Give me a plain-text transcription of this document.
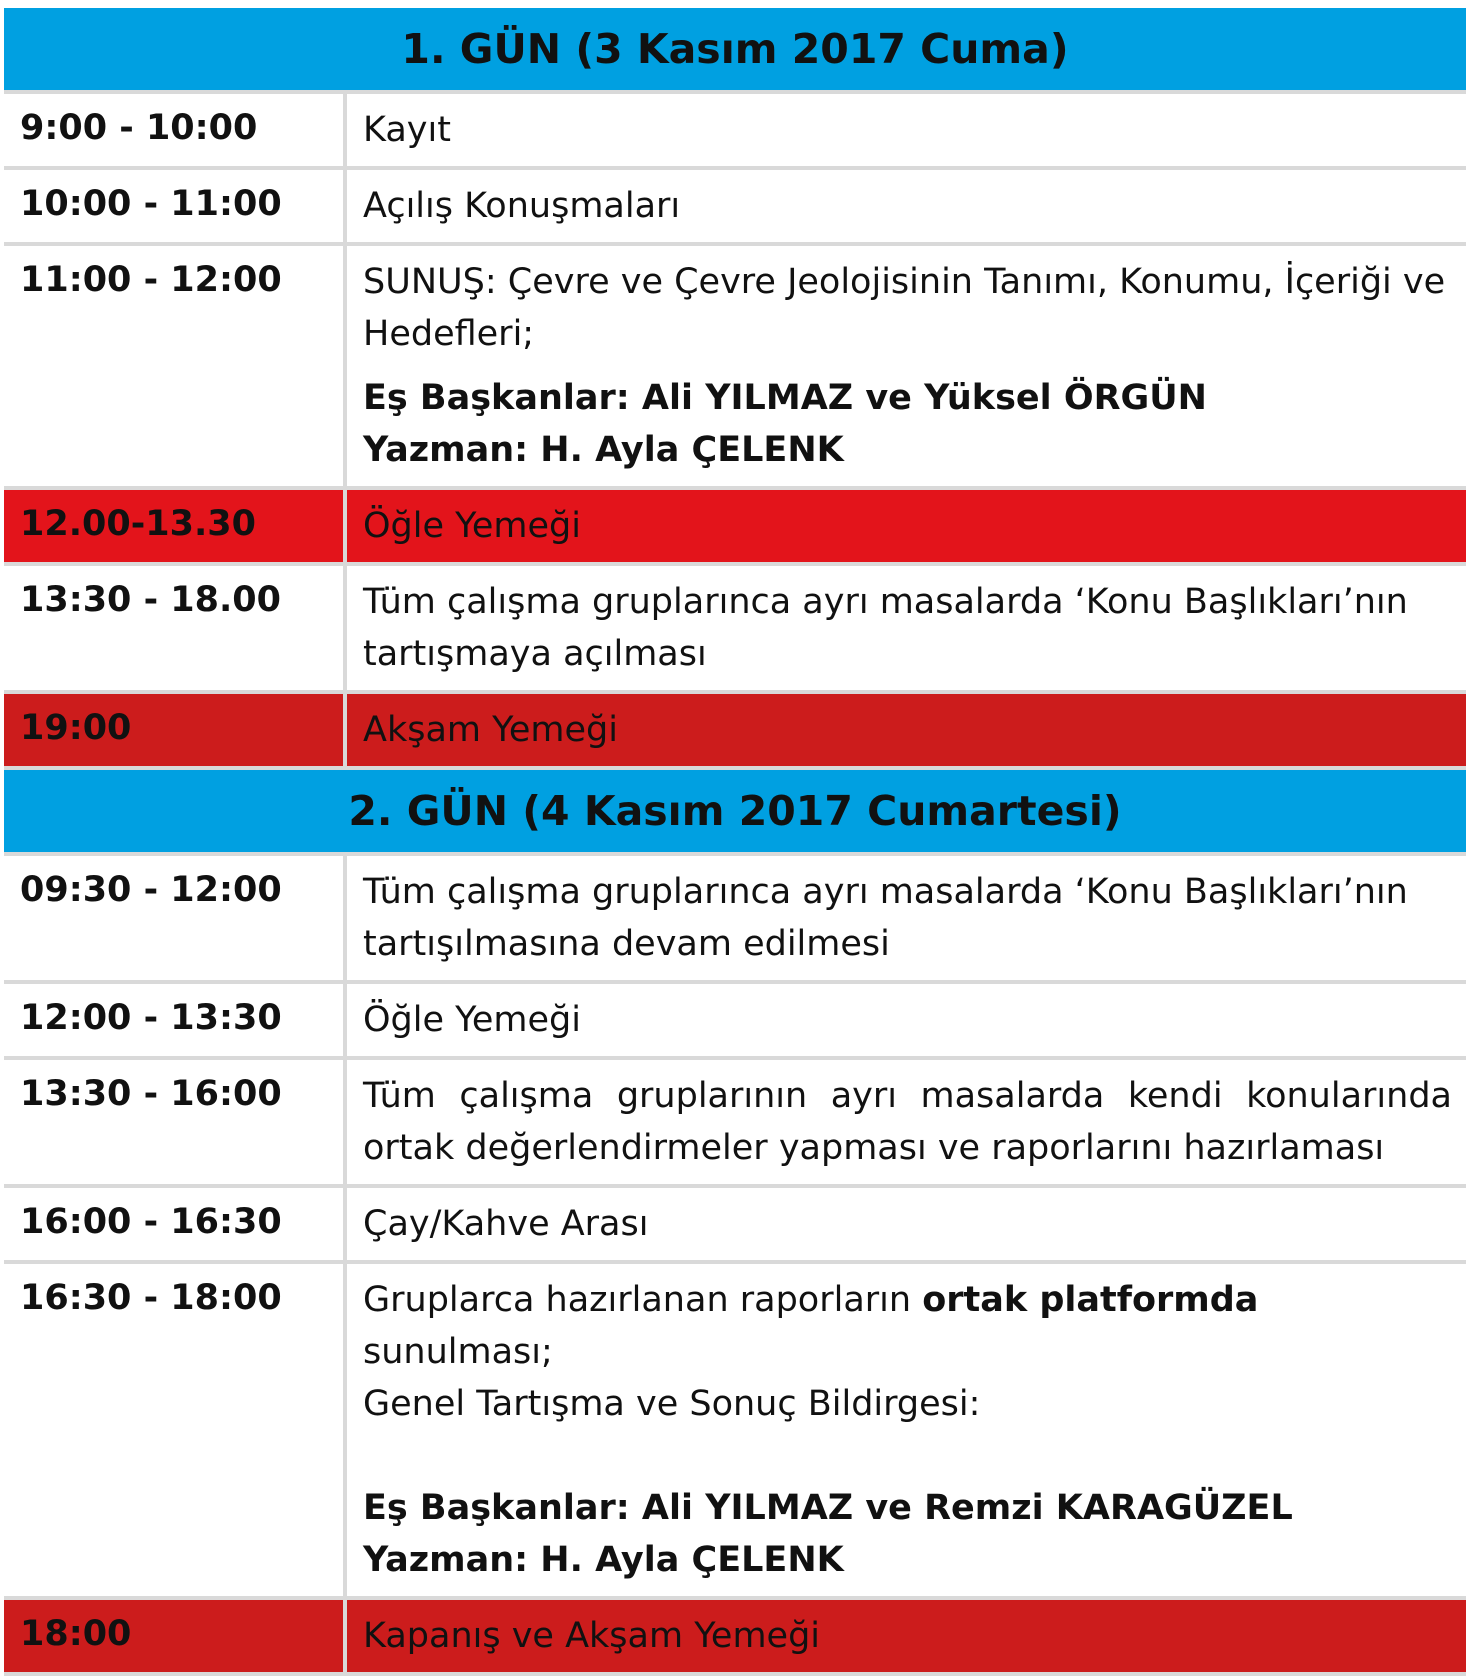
1. GÜN (3 Kasım 2017 Cuma)
9:00 - 10:00	Kayıt
10:00 - 11:00	Açılış Konuşmaları
11:00 - 12:00	SUNUŞ: Çevre ve Çevre Jeolojisinin Tanımı, Konumu, İçeriği ve Hedefleri;
Eş Başkanlar: Ali YILMAZ ve Yüksel ÖRGÜN
Yazman: H. Ayla ÇELENK
12.00-13.30	Öğle Yemeği
13:30 - 18.00	Tüm çalışma gruplarınca ayrı masalarda ‘Konu Başlıkları’nın tartışmaya açılması
19:00	Akşam Yemeği
2. GÜN (4 Kasım 2017 Cumartesi)
09:30 - 12:00	Tüm çalışma gruplarınca ayrı masalarda ‘Konu Başlıkları’nın tartışılmasına devam edilmesi
12:00 - 13:30	Öğle Yemeği
13:30 - 16:00	Tüm çalışma gruplarının ayrı masalarda kendi konularında ortak değerlendirmeler yapması ve raporlarını hazırlaması
16:00 - 16:30	Çay/Kahve Arası
16:30 - 18:00	Gruplarca hazırlanan raporların ortak platformda sunulması;
Genel Tartışma ve Sonuç Bildirgesi:
Eş Başkanlar: Ali YILMAZ ve Remzi KARAGÜZEL
Yazman: H. Ayla ÇELENK
18:00	Kapanış ve Akşam Yemeği
